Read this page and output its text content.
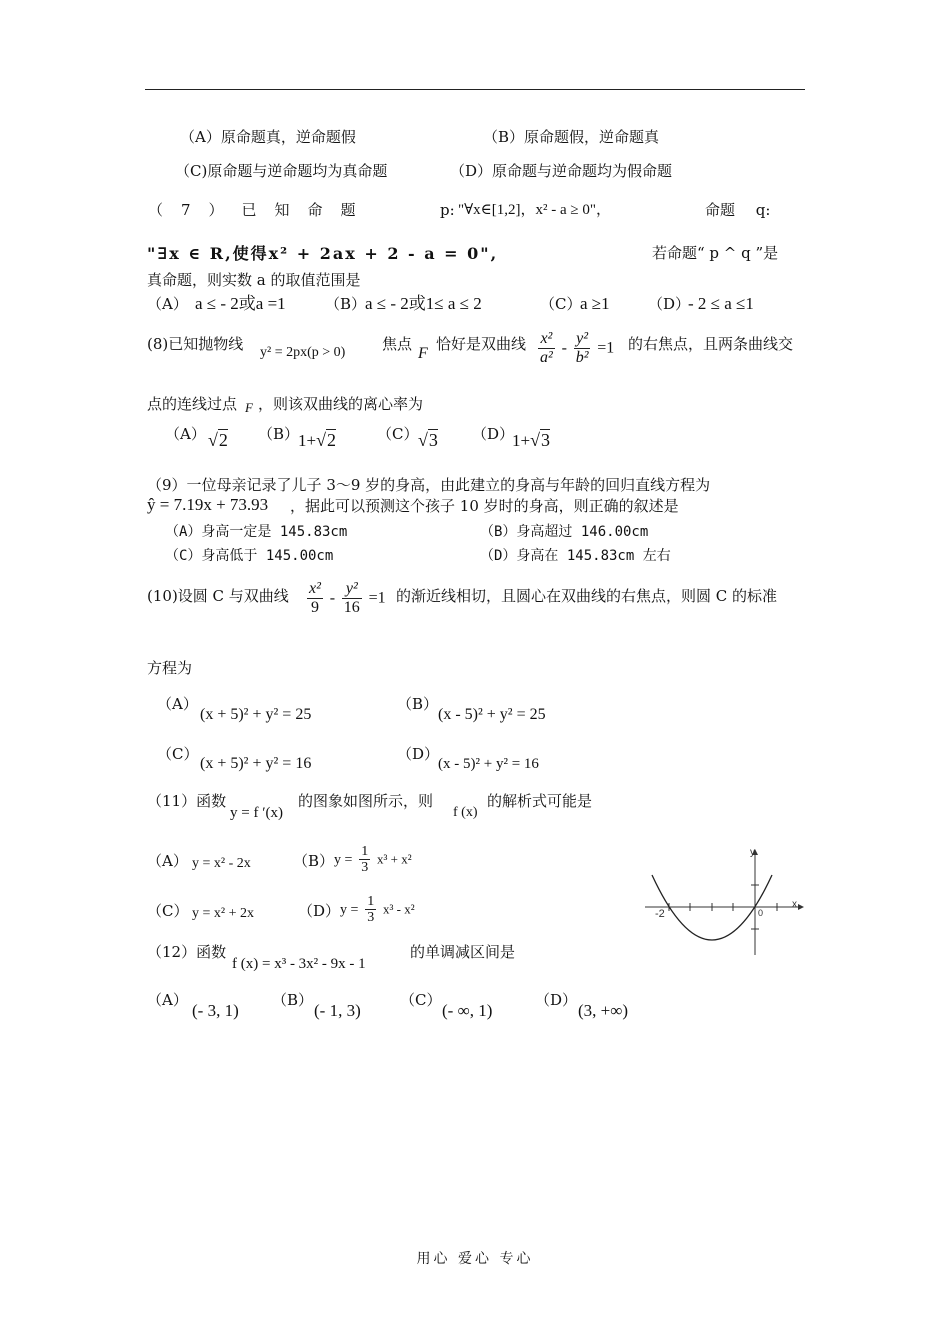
（A）原命题真，逆命题假	（B）原命题假，逆命题真
（C)原命题与逆命题均为真命题	（D）原命题与逆命题均为假命题
（7）已知命题	p: "∀x∈[1,2]，x² - a ≥ 0"，	命题 q:
"∃x ∈ R,使得x² + 2ax + 2 - a = 0",	若命题“ p ^ q ”是
真命题，则实数 a 的取值范围是
（A） a ≤ - 2或a =1	（B）
a ≤ - 2或1≤ a ≤ 2	（C）
a ≥1	（D）
- 2 ≤ a ≤1
(8)已知抛物线 y² = 2px(p > 0) 焦点
F
恰好是双曲线 $\frac{\text{x²}}{\text{a²}} - \frac{\text{y²}}{\text{b²}} =1$ 的右焦点，且两条曲线交
点的连线过点 F ，则该双曲线的离心率为
（A） √2 （B）
1+√2	（C） √3 （D）
1+√3
（9）一位母亲记录了儿子 3～9 岁的身高，由此建立的身高与年龄的回归直线方程为
ŷ = 7.19x + 73.93 ，据此可以预测这个孩子 10 岁时的身高，则正确的叙述是
（A）身高一定是 145.83cm	（B）身高超过 146.00cm
（C）身高低于 145.00cm	（D）身高在 145.83cm 左右
(10)设圆 C 与双曲线 $\frac{\text{x²}}{9} - \frac{\text{y²}}{16} =1$ 的渐近线相切，且圆心在双曲线的右焦点，则圆 C 的标准
方程为
（A）
(x + 5)² + y² = 25
（B）
(x - 5)² + y² = 25
（C）
(x + 5)² + y² = 16
（D）
(x - 5)² + y² = 16
（11）函数
y = f ′(x)
的图象如图所示，则
f (x)
的解析式可能是
（A） y = x² - 2x	（B） $y = \frac{1}{3} x^3 + x^2$
（C） y = x² + 2x	（D） $y = \frac{1}{3} x^3 - x^2$	x
y
-2	0
（12）函数
f (x) = x³ - 3x² - 9x - 1
的单调减区间是
（A）
(- 3, 1)
（B）
(- 1, 3)
（C）
(- ∞, 1)
（D）
(3, +∞)
用心 爱心 专心
